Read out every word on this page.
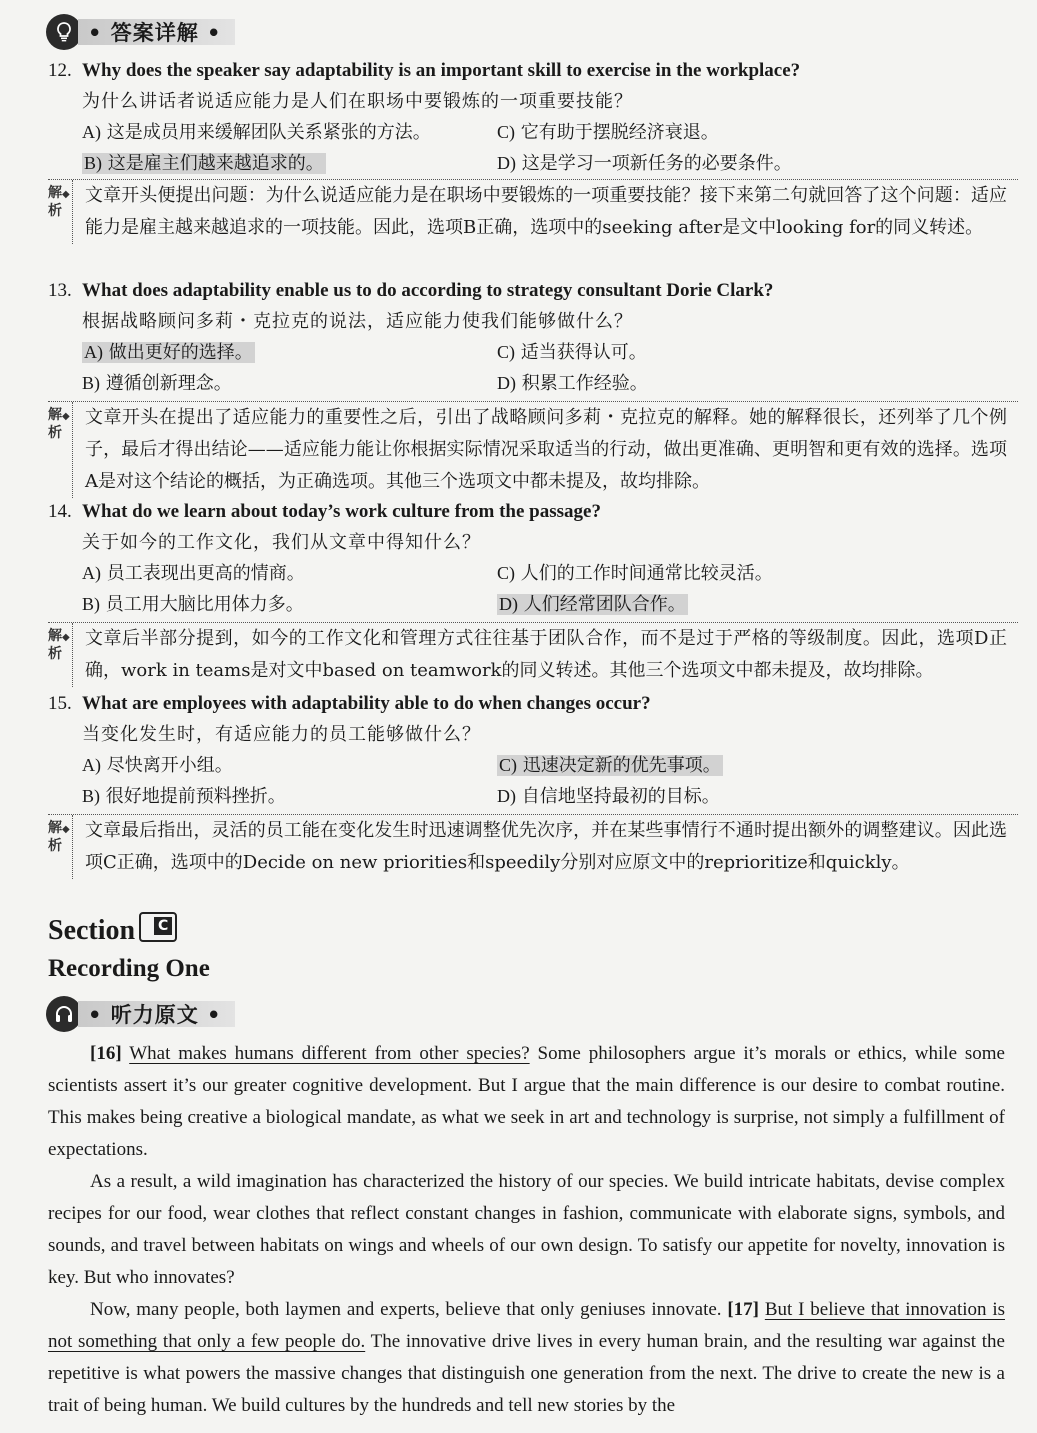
• 答案详解 •
12. Why does the speaker say adaptability is an important skill to exercise in the workplace?
为什么讲话者说适应能力是人们在职场中要锻炼的一项重要技能？
A) 这是成员用来缓解团队关系紧张的方法。	C) 它有助于摆脱经济衰退。
B) 这是雇主们越来越追求的。	D) 这是学习一项新任务的必要条件。
解析
◆ 文章开头便提出问题：为什么说适应能力是在职场中要锻炼的一项重要技能？接下来第二句就回答了这个问题：适应能力是雇主越来越追求的一项技能。因此，选项B正确，选项中的seeking after是文中looking for的同义转述。
13. What does adaptability enable us to do according to strategy consultant Dorie Clark?
根据战略顾问多莉・克拉克的说法，适应能力使我们能够做什么？
A) 做出更好的选择。	C) 适当获得认可。
B) 遵循创新理念。	D) 积累工作经验。
解析
◆ 文章开头在提出了适应能力的重要性之后，引出了战略顾问多莉・克拉克的解释。她的解释很长，还列举了几个例子，最后才得出结论——适应能力能让你根据实际情况采取适当的行动，做出更准确、更明智和更有效的选择。选项A是对这个结论的概括，为正确选项。其他三个选项文中都未提及，故均排除。
14. What do we learn about today’s work culture from the passage?
关于如今的工作文化，我们从文章中得知什么？
A) 员工表现出更高的情商。	C) 人们的工作时间通常比较灵活。
B) 员工用大脑比用体力多。	D) 人们经常团队合作。
解析
◆ 文章后半部分提到，如今的工作文化和管理方式往往基于团队合作，而不是过于严格的等级制度。因此，选项D正确，work in teams是对文中based on teamwork的同义转述。其他三个选项文中都未提及，故均排除。
15. What are employees with adaptability able to do when changes occur?
当变化发生时，有适应能力的员工能够做什么？
A) 尽快离开小组。	C) 迅速决定新的优先事项。
B) 很好地提前预料挫折。	D) 自信地坚持最初的目标。
解析
◆ 文章最后指出，灵活的员工能在变化发生时迅速调整优先次序，并在某些事情行不通时提出额外的调整建议。因此选项C正确，选项中的Decide on new priorities和speedily分别对应原文中的reprioritize和quickly。
Section C
Recording One
• 听力原文 •

[16] What makes humans different from other species? Some philosophers argue it’s morals or ethics, while some scientists assert it’s our greater cognitive development. But I argue that the main difference is our desire to combat routine. This makes being creative a biological mandate, as what we seek in art and technology is surprise, not simply a fulfillment of expectations.

As a result, a wild imagination has characterized the history of our species. We build intricate habitats, devise complex recipes for our food, wear clothes that reflect constant changes in fashion, communicate with elaborate signs, symbols, and sounds, and travel between habitats on wings and wheels of our own design. To satisfy our appetite for novelty, innovation is key. But who innovates?

Now, many people, both laymen and experts, believe that only geniuses innovate. [17] But I believe that innovation is not something that only a few people do. The innovative drive lives in every human brain, and the resulting war against the repetitive is what powers the massive changes that distinguish one generation from the next. The drive to create the new is a trait of being human. We build cultures by the hundreds and tell new stories by the
